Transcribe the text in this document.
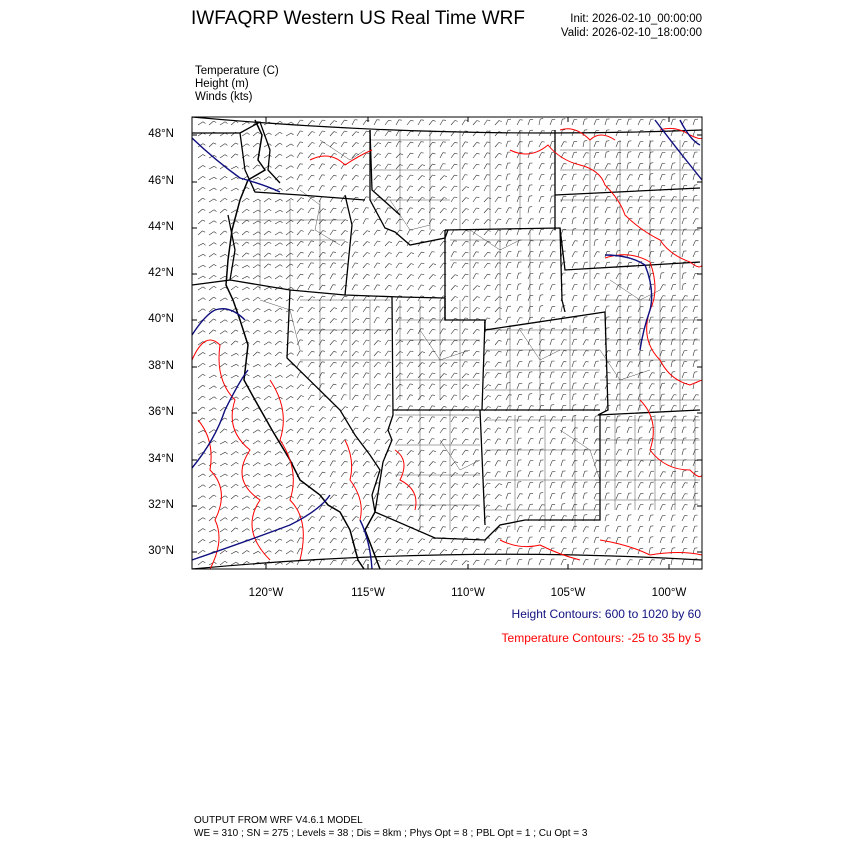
IWFAQRP Western US Real Time WRF	Init: 2026-02-10_00:00:00
Valid: 2026-02-10_18:00:00
Temperature (C)
Height (m)
Winds (kts)
48°N
46°N
44°N
42°N
40°N
38°N
36°N
34°N
32°N
30°N
120°W	115°W	110°W	105°W	100°W
Height Contours: 600 to 1020 by 60
Temperature Contours: -25 to 35 by 5
OUTPUT FROM WRF V4.6.1 MODEL
WE = 310 ; SN = 275 ; Levels = 38 ; Dis = 8km ; Phys Opt = 8 ; PBL Opt = 1 ; Cu Opt = 3
